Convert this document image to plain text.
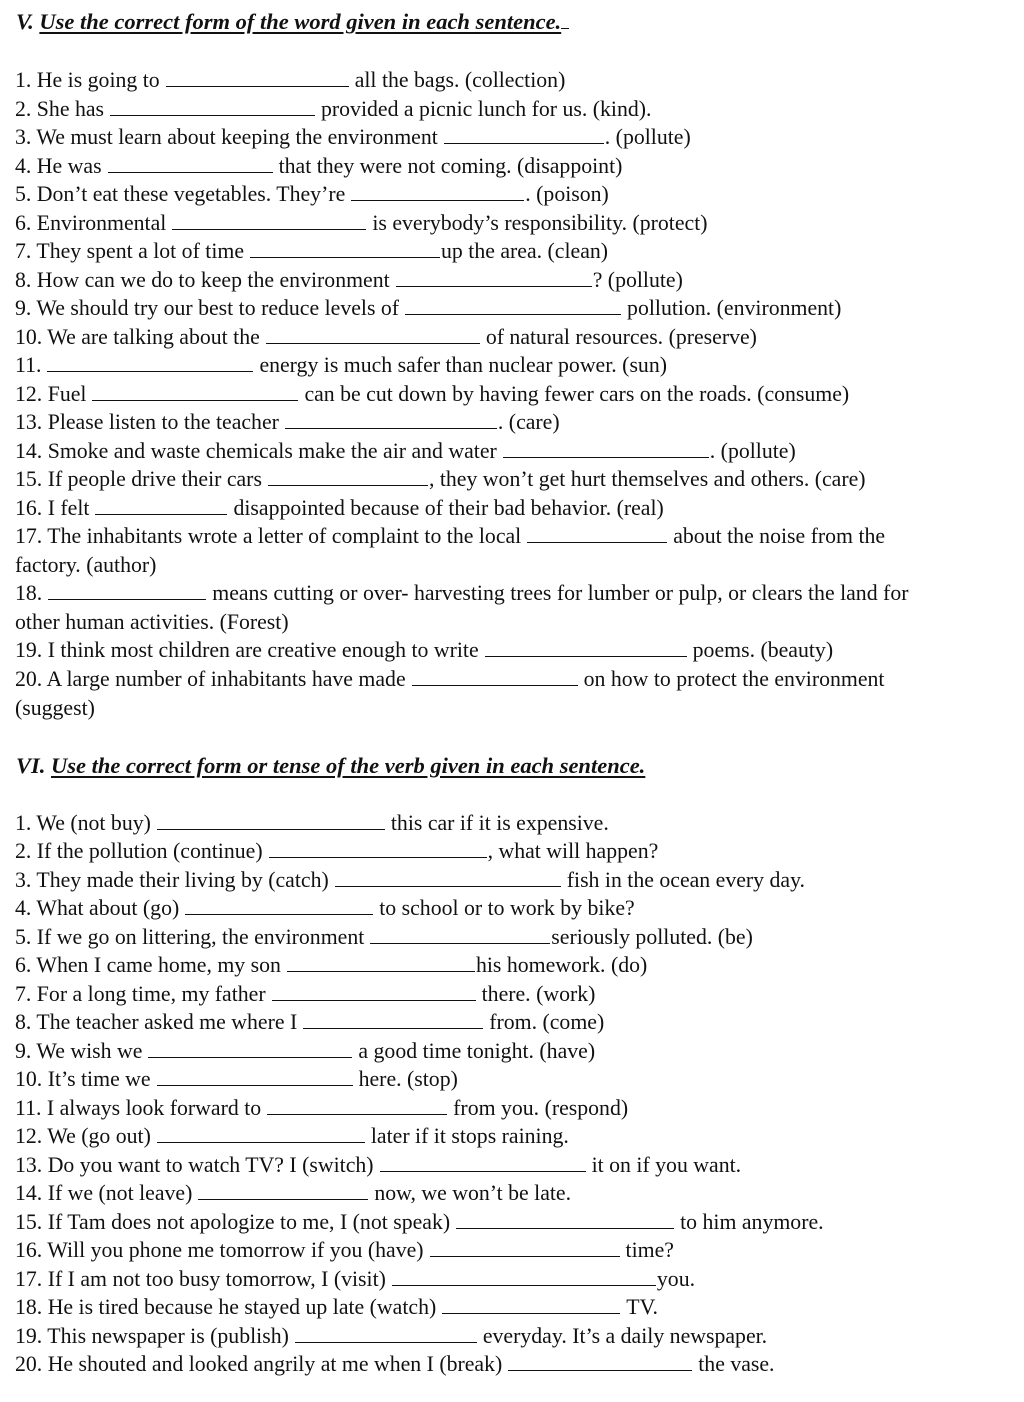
V. Use the correct form of the word given in each sentence.
1. He is going to	all the bags. (collection)
2. She has	provided a picnic lunch for us. (kind).
3. We must learn about keeping the environment	. (pollute)
4. He was	that they were not coming. (disappoint)
5. Don’t eat these vegetables. They’re	. (poison)
6. Environmental	is everybody’s responsibility. (protect)
7. They spent a lot of time	up the area. (clean)
8. How can we do to keep the environment	? (pollute)
9. We should try our best to reduce levels of	pollution. (environment)
10. We are talking about the	of natural resources. (preserve)
11.	energy is much safer than nuclear power. (sun)
12. Fuel	can be cut down by having fewer cars on the roads. (consume)
13. Please listen to the teacher	. (care)
14. Smoke and waste chemicals make the air and water	. (pollute)
15. If people drive their cars	, they won’t get hurt themselves and others. (care)
16. I felt	disappointed because of their bad behavior. (real)
17. The inhabitants wrote a letter of complaint to the local	about the noise from the
factory. (author)
18.	means cutting or over- harvesting trees for lumber or pulp, or clears the land for
other human activities. (Forest)
19. I think most children are creative enough to write	poems. (beauty)
20. A large number of inhabitants have made	on how to protect the environment
(suggest)
VI. Use the correct form or tense of the verb given in each sentence.
1. We (not buy)	this car if it is expensive.
2. If the pollution (continue)	, what will happen?
3. They made their living by (catch)	fish in the ocean every day.
4. What about (go)	to school or to work by bike?
5. If we go on littering, the environment	seriously polluted. (be)
6. When I came home, my son	his homework. (do)
7. For a long time, my father	there. (work)
8. The teacher asked me where I	from. (come)
9. We wish we	a good time tonight. (have)
10. It’s time we	here. (stop)
11. I always look forward to	from you. (respond)
12. We (go out)	later if it stops raining.
13. Do you want to watch TV? I (switch)	it on if you want.
14. If we (not leave)	now, we won’t be late.
15. If Tam does not apologize to me, I (not speak)	to him anymore.
16. Will you phone me tomorrow if you (have)	time?
17. If I am not too busy tomorrow, I (visit)	you.
18. He is tired because he stayed up late (watch)	TV.
19. This newspaper is (publish)	everyday. It’s a daily newspaper.
20. He shouted and looked angrily at me when I (break)	the vase.
